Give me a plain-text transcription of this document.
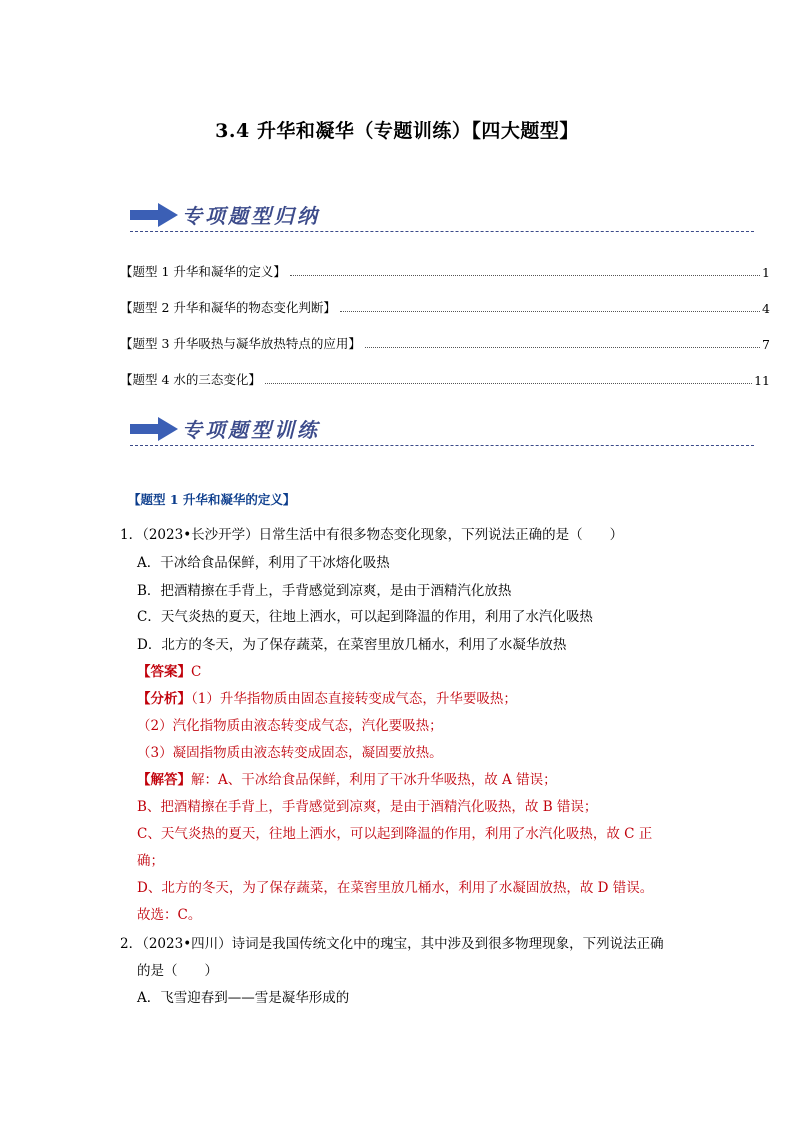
3.4 升华和凝华（专题训练）【四大题型】
专项题型归纳
【题型 1 升华和凝华的定义】	1
【题型 2 升华和凝华的物态变化判断】	4
【题型 3 升华吸热与凝华放热特点的应用】	7
【题型 4 水的三态变化】	11
专项题型训练
【题型 1 升华和凝华的定义】
1．（2023•长沙开学）日常生活中有很多物态变化现象，下列说法正确的是（　　）
A．干冰给食品保鲜，利用了干冰熔化吸热
B．把酒精擦在手背上，手背感觉到凉爽，是由于酒精汽化放热
C．天气炎热的夏天，往地上洒水，可以起到降温的作用，利用了水汽化吸热
D．北方的冬天，为了保存蔬菜，在菜窖里放几桶水，利用了水凝华放热
【答案】C
【分析】（1）升华指物质由固态直接转变成气态，升华要吸热；
（2）汽化指物质由液态转变成气态，汽化要吸热；
（3）凝固指物质由液态转变成固态，凝固要放热。
【解答】解：A、干冰给食品保鲜，利用了干冰升华吸热，故 A 错误；
B、把酒精擦在手背上，手背感觉到凉爽，是由于酒精汽化吸热，故 B 错误；
C、天气炎热的夏天，往地上洒水，可以起到降温的作用，利用了水汽化吸热，故 C 正
确；
D、北方的冬天，为了保存蔬菜，在菜窖里放几桶水，利用了水凝固放热，故 D 错误。
故选：C。
2．（2023•四川）诗词是我国传统文化中的瑰宝，其中涉及到很多物理现象，下列说法正确
的是（　　）
A．飞雪迎春到——雪是凝华形成的
